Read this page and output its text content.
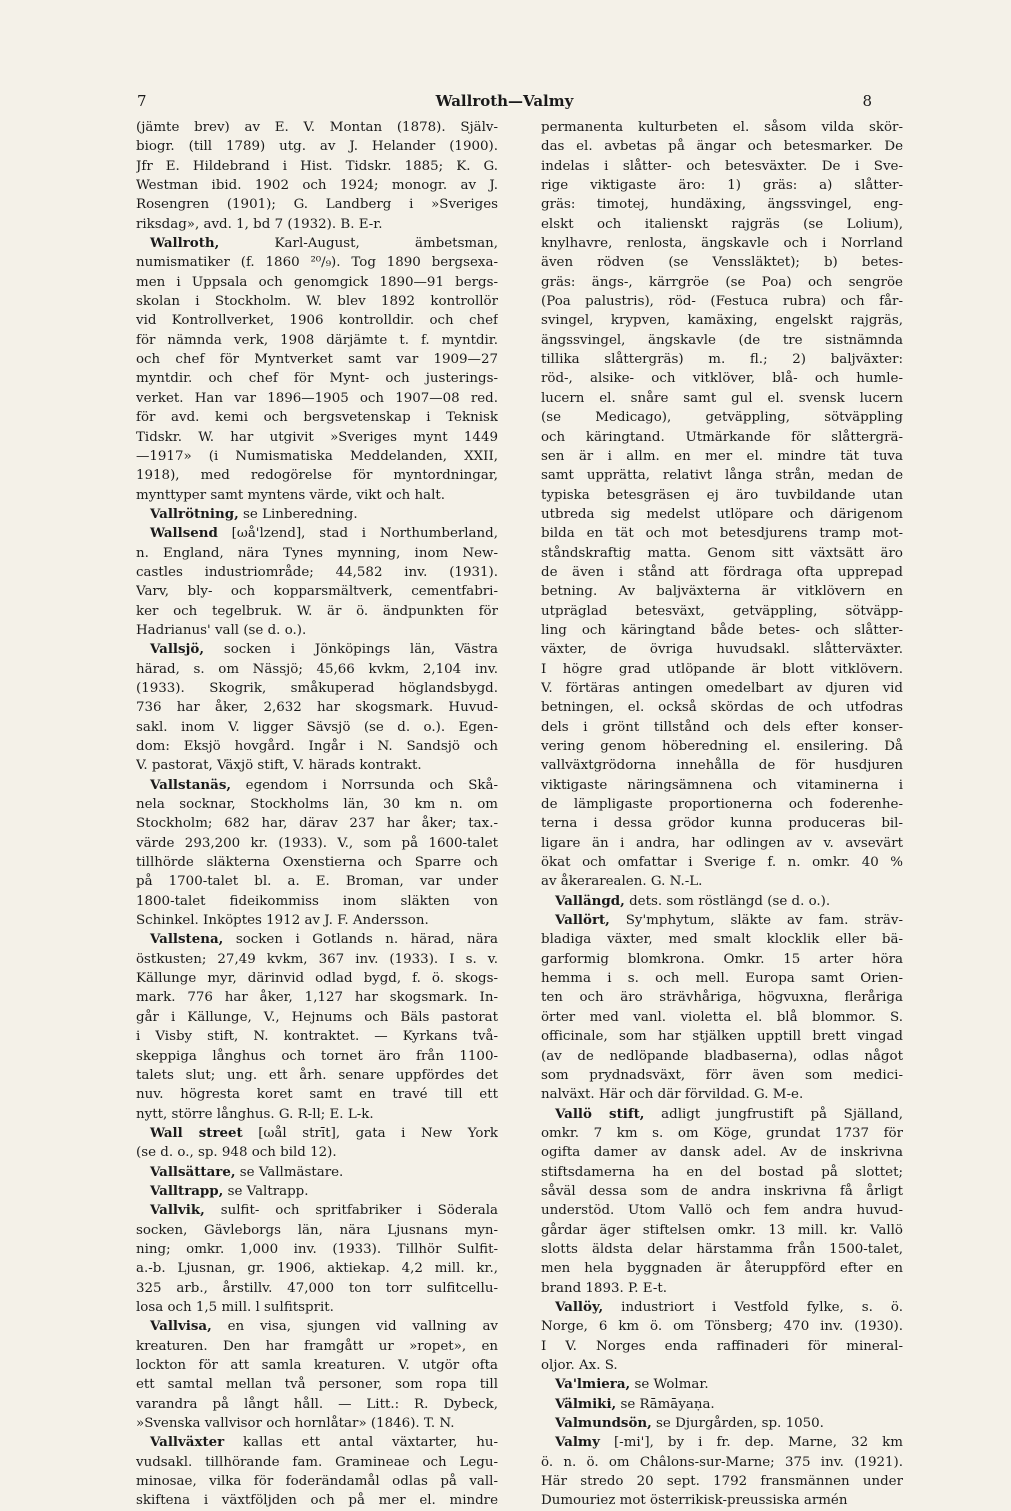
7	Wallroth—Valmy	8
(jämte brev) av E. V. Montan (1878). Själv-
biogr. (till 1789) utg. av J. Helander (1900).
Jfr E. Hildebrand i Hist. Tidskr. 1885; K. G.
Westman ibid. 1902 och 1924; monogr. av J.
Rosengren (1901); G. Landberg i »Sveriges
riksdag», avd. 1, bd 7 (1932). B. E-r.
Wallroth, Karl-August, ämbetsman,
numismatiker (f. 1860 ²⁰/₉). Tog 1890 bergsexa-
men i Uppsala och genomgick 1890—91 bergs-
skolan i Stockholm. W. blev 1892 kontrollör
vid Kontrollverket, 1906 kontrolldir. och chef
för nämnda verk, 1908 därjämte t. f. myntdir.
och chef för Myntverket samt var 1909—27
myntdir. och chef för Mynt- och justerings-
verket. Han var 1896—1905 och 1907—08 red.
för avd. kemi och bergsvetenskap i Teknisk
Tidskr. W. har utgivit »Sveriges mynt 1449
—1917» (i Numismatiska Meddelanden, XXII,
1918), med redogörelse för myntordningar,
mynttyper samt myntens värde, vikt och halt.
Vallrötning, se Linberedning.
Wallsend [ωå'lzend], stad i Northumberland,
n. England, nära Tynes mynning, inom New-
castles industriområde; 44,582 inv. (1931).
Varv, bly- och kopparsmältverk, cementfabri-
ker och tegelbruk. W. är ö. ändpunkten för
Hadrianus' vall (se d. o.).
Vallsjö, socken i Jönköpings län, Västra
härad, s. om Nässjö; 45,66 kvkm, 2,104 inv.
(1933). Skogrik, småkuperad höglandsbygd.
736 har åker, 2,632 har skogsmark. Huvud-
sakl. inom V. ligger Sävsjö (se d. o.). Egen-
dom: Eksjö hovgård. Ingår i N. Sandsjö och
V. pastorat, Växjö stift, V. härads kontrakt.
Vallstanäs, egendom i Norrsunda och Skå-
nela socknar, Stockholms län, 30 km n. om
Stockholm; 682 har, därav 237 har åker; tax.-
värde 293,200 kr. (1933). V., som på 1600-talet
tillhörde släkterna Oxenstierna och Sparre och
på 1700-talet bl. a. E. Broman, var under
1800-talet fideikommiss inom släkten von
Schinkel. Inköptes 1912 av J. F. Andersson.
Vallstena, socken i Gotlands n. härad, nära
östkusten; 27,49 kvkm, 367 inv. (1933). I s. v.
Källunge myr, därinvid odlad bygd, f. ö. skogs-
mark. 776 har åker, 1,127 har skogsmark. In-
går i Källunge, V., Hejnums och Bäls pastorat
i Visby stift, N. kontraktet. — Kyrkans två-
skeppiga långhus och tornet äro från 1100-
talets slut; ung. ett årh. senare uppfördes det
nuv. högresta koret samt en travé till ett
nytt, större långhus. G. R-ll; E. L-k.
Wall street [ωål strīt], gata i New York
(se d. o., sp. 948 och bild 12).
Vallsättare, se Vallmästare.
Valltrapp, se Valtrapp.
Vallvik, sulfit- och spritfabriker i Söderala
socken, Gävleborgs län, nära Ljusnans myn-
ning; omkr. 1,000 inv. (1933). Tillhör Sulfit-
a.-b. Ljusnan, gr. 1906, aktiekap. 4,2 mill. kr.,
325 arb., årstillv. 47,000 ton torr sulfitcellu-
losa och 1,5 mill. l sulfitsprit.
Vallvisa, en visa, sjungen vid vallning av
kreaturen. Den har framgått ur »ropet», en
lockton för att samla kreaturen. V. utgör ofta
ett samtal mellan två personer, som ropa till
varandra på långt håll. — Litt.: R. Dybeck,
»Svenska vallvisor och hornlåtar» (1846). T. N.
Vallväxter kallas ett antal växtarter, hu-
vudsakl. tillhörande fam. Gramineae och Legu-
minosae, vilka för foderändamål odlas på vall-
skiftena i växtföljden och på mer el. mindre
permanenta kulturbeten el. såsom vilda skör-
das el. avbetas på ängar och betesmarker. De
indelas i slåtter- och betesväxter. De i Sve-
rige viktigaste äro: 1) gräs: a) slåtter-
gräs: timotej, hundäxing, ängssvingel, eng-
elskt och italienskt rajgräs (se Lolium),
knylhavre, renlosta, ängskavle och i Norrland
även rödven (se Venssläktet); b) betes-
gräs: ängs-, kärrgröe (se Poa) och sengröe
(Poa palustris), röd- (Festuca rubra) och får-
svingel, krypven, kamäxing, engelskt rajgräs,
ängssvingel, ängskavle (de tre sistnämnda
tillika slåttergräs) m. fl.; 2) baljväxter:
röd-, alsike- och vitklöver, blå- och humle-
lucern el. snåre samt gul el. svensk lucern
(se Medicago), getväppling, sötväppling
och käringtand. Utmärkande för slåttergrä-
sen är i allm. en mer el. mindre tät tuva
samt upprätta, relativt långa strån, medan de
typiska betesgräsen ej äro tuvbildande utan
utbreda sig medelst utlöpare och därigenom
bilda en tät och mot betesdjurens tramp mot-
ståndskraftig matta. Genom sitt växtsätt äro
de även i stånd att fördraga ofta upprepad
betning. Av baljväxterna är vitklövern en
utpräglad betesväxt, getväppling, sötväpp-
ling och käringtand både betes- och slåtter-
växter, de övriga huvudsakl. slåtterväxter.
I högre grad utlöpande är blott vitklövern.
V. förtäras antingen omedelbart av djuren vid
betningen, el. också skördas de och utfodras
dels i grönt tillstånd och dels efter konser-
vering genom höberedning el. ensilering. Då
vallväxtgrödorna innehålla de för husdjuren
viktigaste näringsämnena och vitaminerna i
de lämpligaste proportionerna och foderenhe-
terna i dessa grödor kunna produceras bil-
ligare än i andra, har odlingen av v. avsevärt
ökat och omfattar i Sverige f. n. omkr. 40 %
av åkerarealen. G. N.-L.
Vallängd, dets. som röstlängd (se d. o.).
Vallört, Sy'mphytum, släkte av fam. sträv-
bladiga växter, med smalt klocklik eller bä-
garformig blomkrona. Omkr. 15 arter höra
hemma i s. och mell. Europa samt Orien-
ten och äro strävhåriga, högvuxna, fleråriga
örter med vanl. violetta el. blå blommor. S.
officinale, som har stjälken upptill brett vingad
(av de nedlöpande bladbaserna), odlas något
som prydnadsväxt, förr även som medici-
nalväxt. Här och där förvildad. G. M-e.
Vallö stift, adligt jungfrustift på Själland,
omkr. 7 km s. om Köge, grundat 1737 för
ogifta damer av dansk adel. Av de inskrivna
stiftsdamerna ha en del bostad på slottet;
såväl dessa som de andra inskrivna få årligt
understöd. Utom Vallö och fem andra huvud-
gårdar äger stiftelsen omkr. 13 mill. kr. Vallö
slotts äldsta delar härstamma från 1500-talet,
men hela byggnaden är återuppförd efter en
brand 1893. P. E-t.
Vallöy, industriort i Vestfold fylke, s. ö.
Norge, 6 km ö. om Tönsberg; 470 inv. (1930).
I V. Norges enda raffinaderi för mineral-
oljor. Ax. S.
Va'lmiera, se Wolmar.
Välmiki, se Rāmāyaṇa.
Valmundsön, se Djurgården, sp. 1050.
Valmy [-mi'], by i fr. dep. Marne, 32 km
ö. n. ö. om Châlons-sur-Marne; 375 inv. (1921).
Här stredo 20 sept. 1792 fransmännen under
Dumouriez mot österrikisk-preussiska armén
